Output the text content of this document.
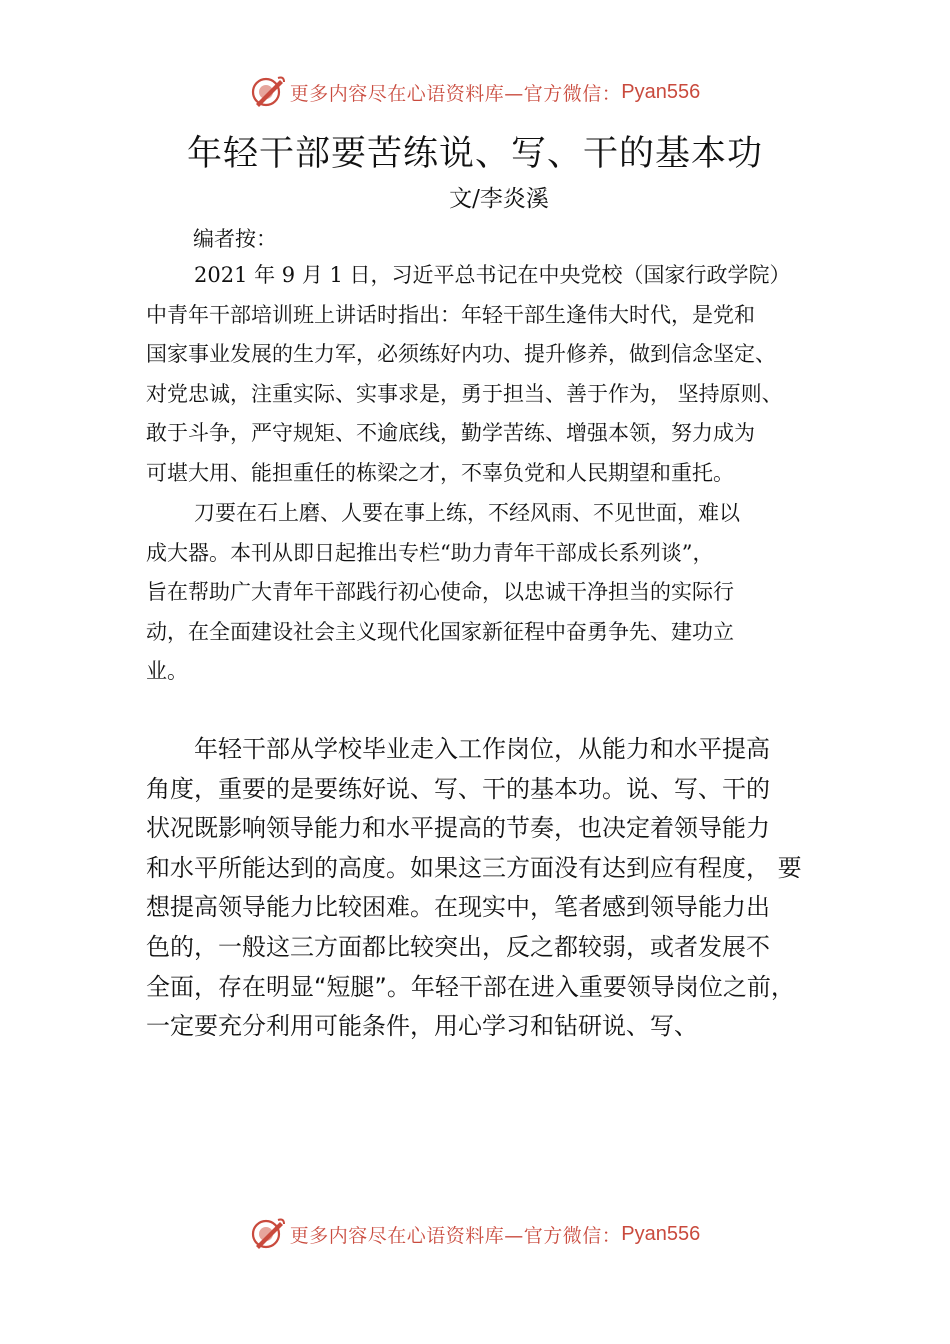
更多内容尽在心语资料库—官方微信： Pyan556
年轻干部要苦练说、写、干的基本功
文/李炎溪
编者按：
2021 年 9 月 1 日，习近平总书记在中央党校（国家行政学院）
中青年干部培训班上讲话时指出：年轻干部生逢伟大时代，是党和
国家事业发展的生力军，必须练好内功、提升修养，做到信念坚定、
对党忠诚，注重实际、实事求是，勇于担当、善于作为， 坚持原则、
敢于斗争，严守规矩、不逾底线，勤学苦练、增强本领，努力成为
可堪大用、能担重任的栋梁之才，不辜负党和人民期望和重托。
刀要在石上磨、人要在事上练，不经风雨、不见世面，难以
成大器。本刊从即日起推出专栏“助力青年干部成长系列谈”，
旨在帮助广大青年干部践行初心使命，以忠诚干净担当的实际行
动，在全面建设社会主义现代化国家新征程中奋勇争先、建功立
业。
年轻干部从学校毕业走入工作岗位，从能力和水平提高
角度，重要的是要练好说、写、干的基本功。说、写、干的
状况既影响领导能力和水平提高的节奏，也决定着领导能力
和水平所能达到的高度。如果这三方面没有达到应有程度， 要
想提高领导能力比较困难。在现实中，笔者感到领导能力出
色的，一般这三方面都比较突出，反之都较弱，或者发展不
全面，存在明显“短腿”。年轻干部在进入重要领导岗位之前，
一定要充分利用可能条件，用心学习和钻研说、写、
更多内容尽在心语资料库—官方微信： Pyan556
